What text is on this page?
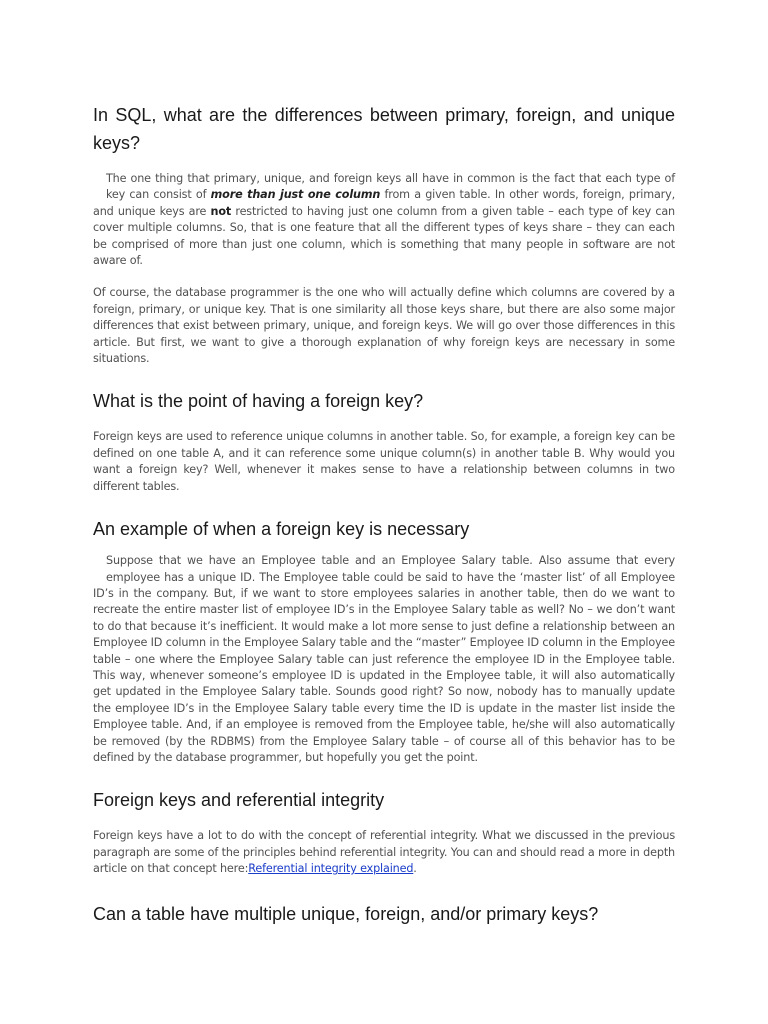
In SQL, what are the differences between primary, foreign, and unique keys?

The one thing that primary, unique, and foreign keys all have in common is the fact that each type of key can consist of more than just one column from a given table. In other words, foreign, primary, and unique keys are not restricted to having just one column from a given table – each type of key can cover multiple columns. So, that is one feature that all the different types of keys share – they can each be comprised of more than just one column, which is something that many people in software are not aware of.

Of course, the database programmer is the one who will actually define which columns are covered by a foreign, primary, or unique key. That is one similarity all those keys share, but there are also some major differences that exist between primary, unique, and foreign keys. We will go over those differences in this article. But first, we want to give a thorough explanation of why foreign keys are necessary in some situations.

What is the point of having a foreign key?

Foreign keys are used to reference unique columns in another table. So, for example, a foreign key can be defined on one table A, and it can reference some unique column(s) in another table B. Why would you want a foreign key? Well, whenever it makes sense to have a relationship between columns in two different tables.

An example of when a foreign key is necessary

Suppose that we have an Employee table and an Employee Salary table. Also assume that every employee has a unique ID. The Employee table could be said to have the ‘master list’ of all Employee ID’s in the company. But, if we want to store employees salaries in another table, then do we want to recreate the entire master list of employee ID’s in the Employee Salary table as well? No – we don’t want to do that because it’s inefficient. It would make a lot more sense to just define a relationship between an Employee ID column in the Employee Salary table and the “master” Employee ID column in the Employee table – one where the Employee Salary table can just reference the employee ID in the Employee table. This way, whenever someone’s employee ID is updated in the Employee table, it will also automatically get updated in the Employee Salary table. Sounds good right? So now, nobody has to manually update the employee ID’s in the Employee Salary table every time the ID is update in the master list inside the Employee table. And, if an employee is removed from the Employee table, he/she will also automatically be removed (by the RDBMS) from the Employee Salary table – of course all of this behavior has to be defined by the database programmer, but hopefully you get the point.

Foreign keys and referential integrity

Foreign keys have a lot to do with the concept of referential integrity. What we discussed in the previous paragraph are some of the principles behind referential integrity. You can and should read a more in depth article on that concept here:Referential integrity explained.

Can a table have multiple unique, foreign, and/or primary keys?
